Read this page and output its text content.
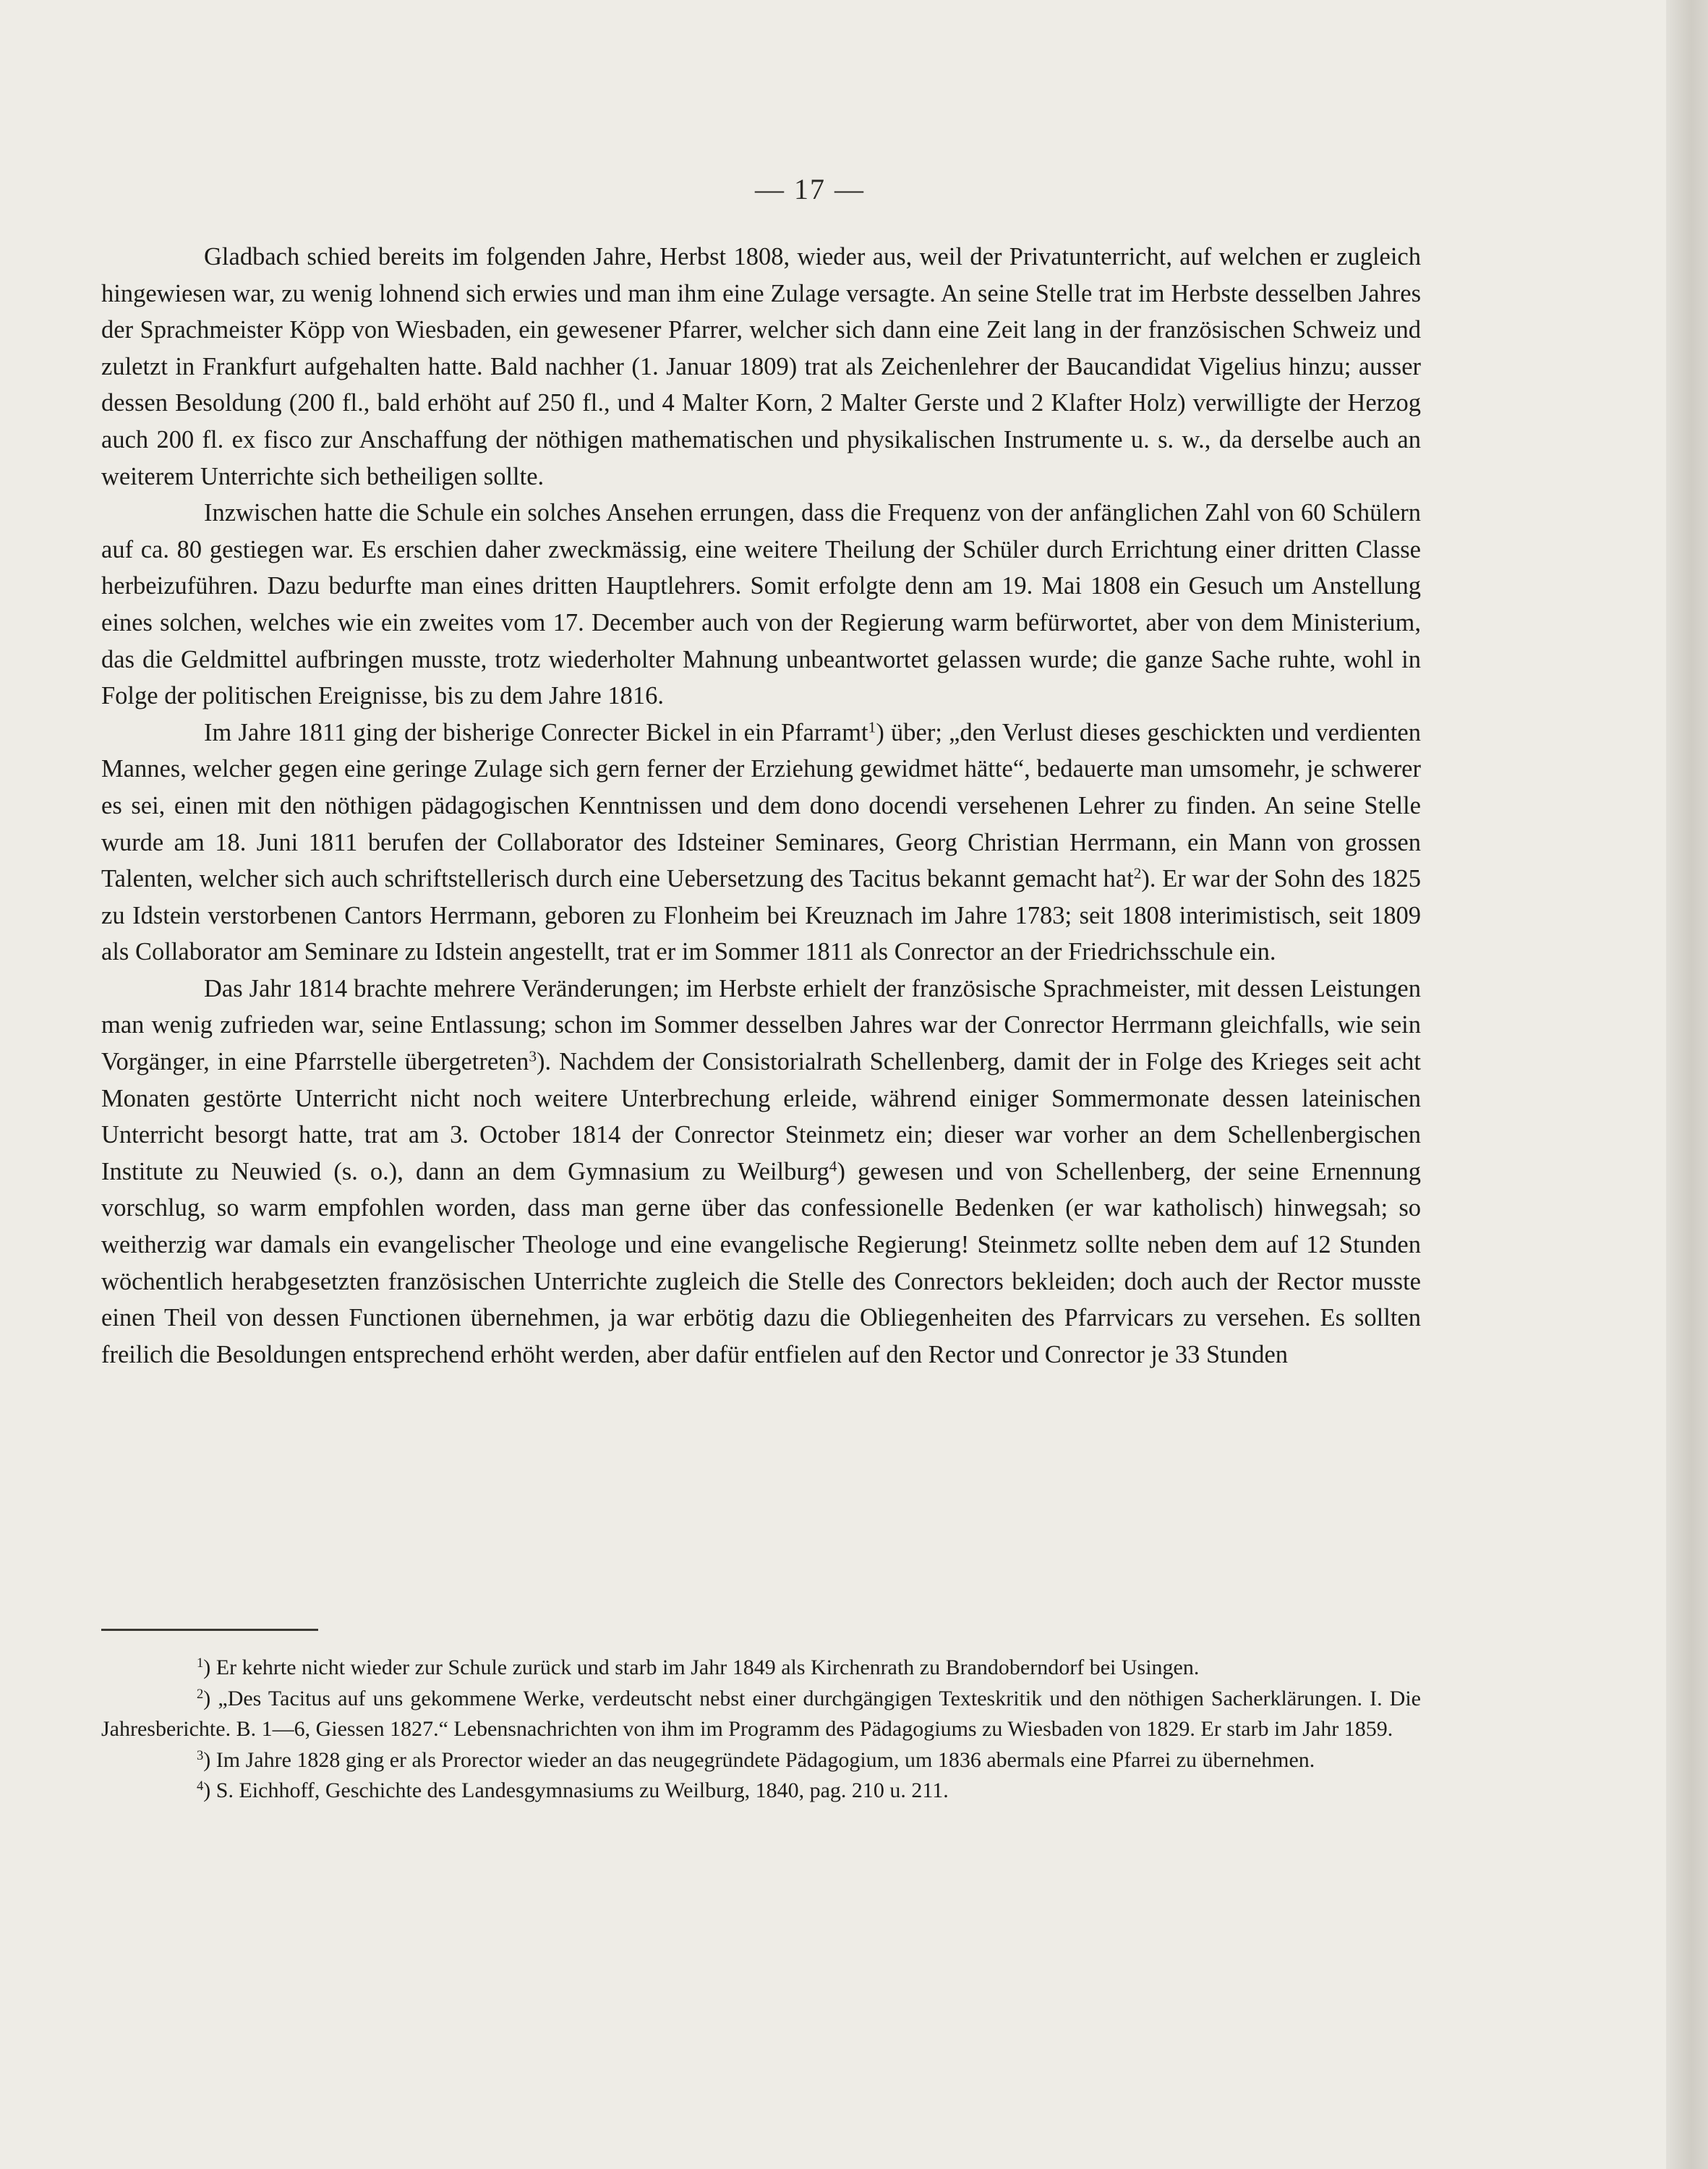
— 17 —

Gladbach schied bereits im folgenden Jahre, Herbst 1808, wieder aus, weil der Privatunterricht, auf welchen er zugleich hingewiesen war, zu wenig lohnend sich erwies und man ihm eine Zulage versagte. An seine Stelle trat im Herbste desselben Jahres der Sprachmeister Köpp von Wiesbaden, ein gewesener Pfarrer, welcher sich dann eine Zeit lang in der französischen Schweiz und zuletzt in Frankfurt aufgehalten hatte. Bald nachher (1. Januar 1809) trat als Zeichenlehrer der Baucandidat Vigelius hinzu; ausser dessen Besoldung (200 fl., bald erhöht auf 250 fl., und 4 Malter Korn, 2 Malter Gerste und 2 Klafter Holz) verwilligte der Herzog auch 200 fl. ex fisco zur Anschaffung der nöthigen mathematischen und physikalischen Instrumente u. s. w., da derselbe auch an weiterem Unterrichte sich betheiligen sollte.

Inzwischen hatte die Schule ein solches Ansehen errungen, dass die Frequenz von der anfänglichen Zahl von 60 Schülern auf ca. 80 gestiegen war. Es erschien daher zweckmässig, eine weitere Theilung der Schüler durch Errichtung einer dritten Classe herbeizuführen. Dazu bedurfte man eines dritten Hauptlehrers. Somit erfolgte denn am 19. Mai 1808 ein Gesuch um Anstellung eines solchen, welches wie ein zweites vom 17. December auch von der Regierung warm befürwortet, aber von dem Ministerium, das die Geldmittel aufbringen musste, trotz wiederholter Mahnung unbeantwortet gelassen wurde; die ganze Sache ruhte, wohl in Folge der politischen Ereignisse, bis zu dem Jahre 1816.

Im Jahre 1811 ging der bisherige Conrecter Bickel in ein Pfarramt$^1$) über; „den Verlust dieses geschickten und verdienten Mannes, welcher gegen eine geringe Zulage sich gern ferner der Erziehung gewidmet hätte“, bedauerte man umsomehr, je schwerer es sei, einen mit den nöthigen pädagogischen Kenntnissen und dem dono docendi versehenen Lehrer zu finden. An seine Stelle wurde am 18. Juni 1811 berufen der Collaborator des Idsteiner Seminares, Georg Christian Herrmann, ein Mann von grossen Talenten, welcher sich auch schriftstellerisch durch eine Uebersetzung des Tacitus bekannt gemacht hat$^2$). Er war der Sohn des 1825 zu Idstein verstorbenen Cantors Herrmann, geboren zu Flonheim bei Kreuznach im Jahre 1783; seit 1808 interimistisch, seit 1809 als Collaborator am Seminare zu Idstein angestellt, trat er im Sommer 1811 als Conrector an der Friedrichsschule ein.

Das Jahr 1814 brachte mehrere Veränderungen; im Herbste erhielt der französische Sprachmeister, mit dessen Leistungen man wenig zufrieden war, seine Entlassung; schon im Sommer desselben Jahres war der Conrector Herrmann gleichfalls, wie sein Vorgänger, in eine Pfarrstelle übergetreten$^3$). Nachdem der Consistorialrath Schellenberg, damit der in Folge des Krieges seit acht Monaten gestörte Unterricht nicht noch weitere Unterbrechung erleide, während einiger Sommermonate dessen lateinischen Unterricht besorgt hatte, trat am 3. October 1814 der Conrector Steinmetz ein; dieser war vorher an dem Schellenbergischen Institute zu Neuwied (s. o.), dann an dem Gymnasium zu Weilburg$^4$) gewesen und von Schellenberg, der seine Ernennung vorschlug, so warm empfohlen worden, dass man gerne über das confessionelle Bedenken (er war katholisch) hinwegsah; so weitherzig war damals ein evangelischer Theologe und eine evangelische Regierung! Steinmetz sollte neben dem auf 12 Stunden wöchentlich herabgesetzten französischen Unterrichte zugleich die Stelle des Conrectors bekleiden; doch auch der Rector musste einen Theil von dessen Functionen übernehmen, ja war erbötig dazu die Obliegenheiten des Pfarrvicars zu versehen. Es sollten freilich die Besoldungen entsprechend erhöht werden, aber dafür entfielen auf den Rector und Conrector je 33 Stunden

$^1$) Er kehrte nicht wieder zur Schule zurück und starb im Jahr 1849 als Kirchenrath zu Brandoberndorf bei Usingen.

$^2$) „Des Tacitus auf uns gekommene Werke, verdeutscht nebst einer durchgängigen Texteskritik und den nöthigen Sacherklärungen. I. Die Jahresberichte. B. 1—6, Giessen 1827.“ Lebensnachrichten von ihm im Programm des Pädagogiums zu Wiesbaden von 1829. Er starb im Jahr 1859.

$^3$) Im Jahre 1828 ging er als Prorector wieder an das neugegründete Pädagogium, um 1836 abermals eine Pfarrei zu übernehmen.

$^4$) S. Eichhoff, Geschichte des Landesgymnasiums zu Weilburg, 1840, pag. 210 u. 211.
